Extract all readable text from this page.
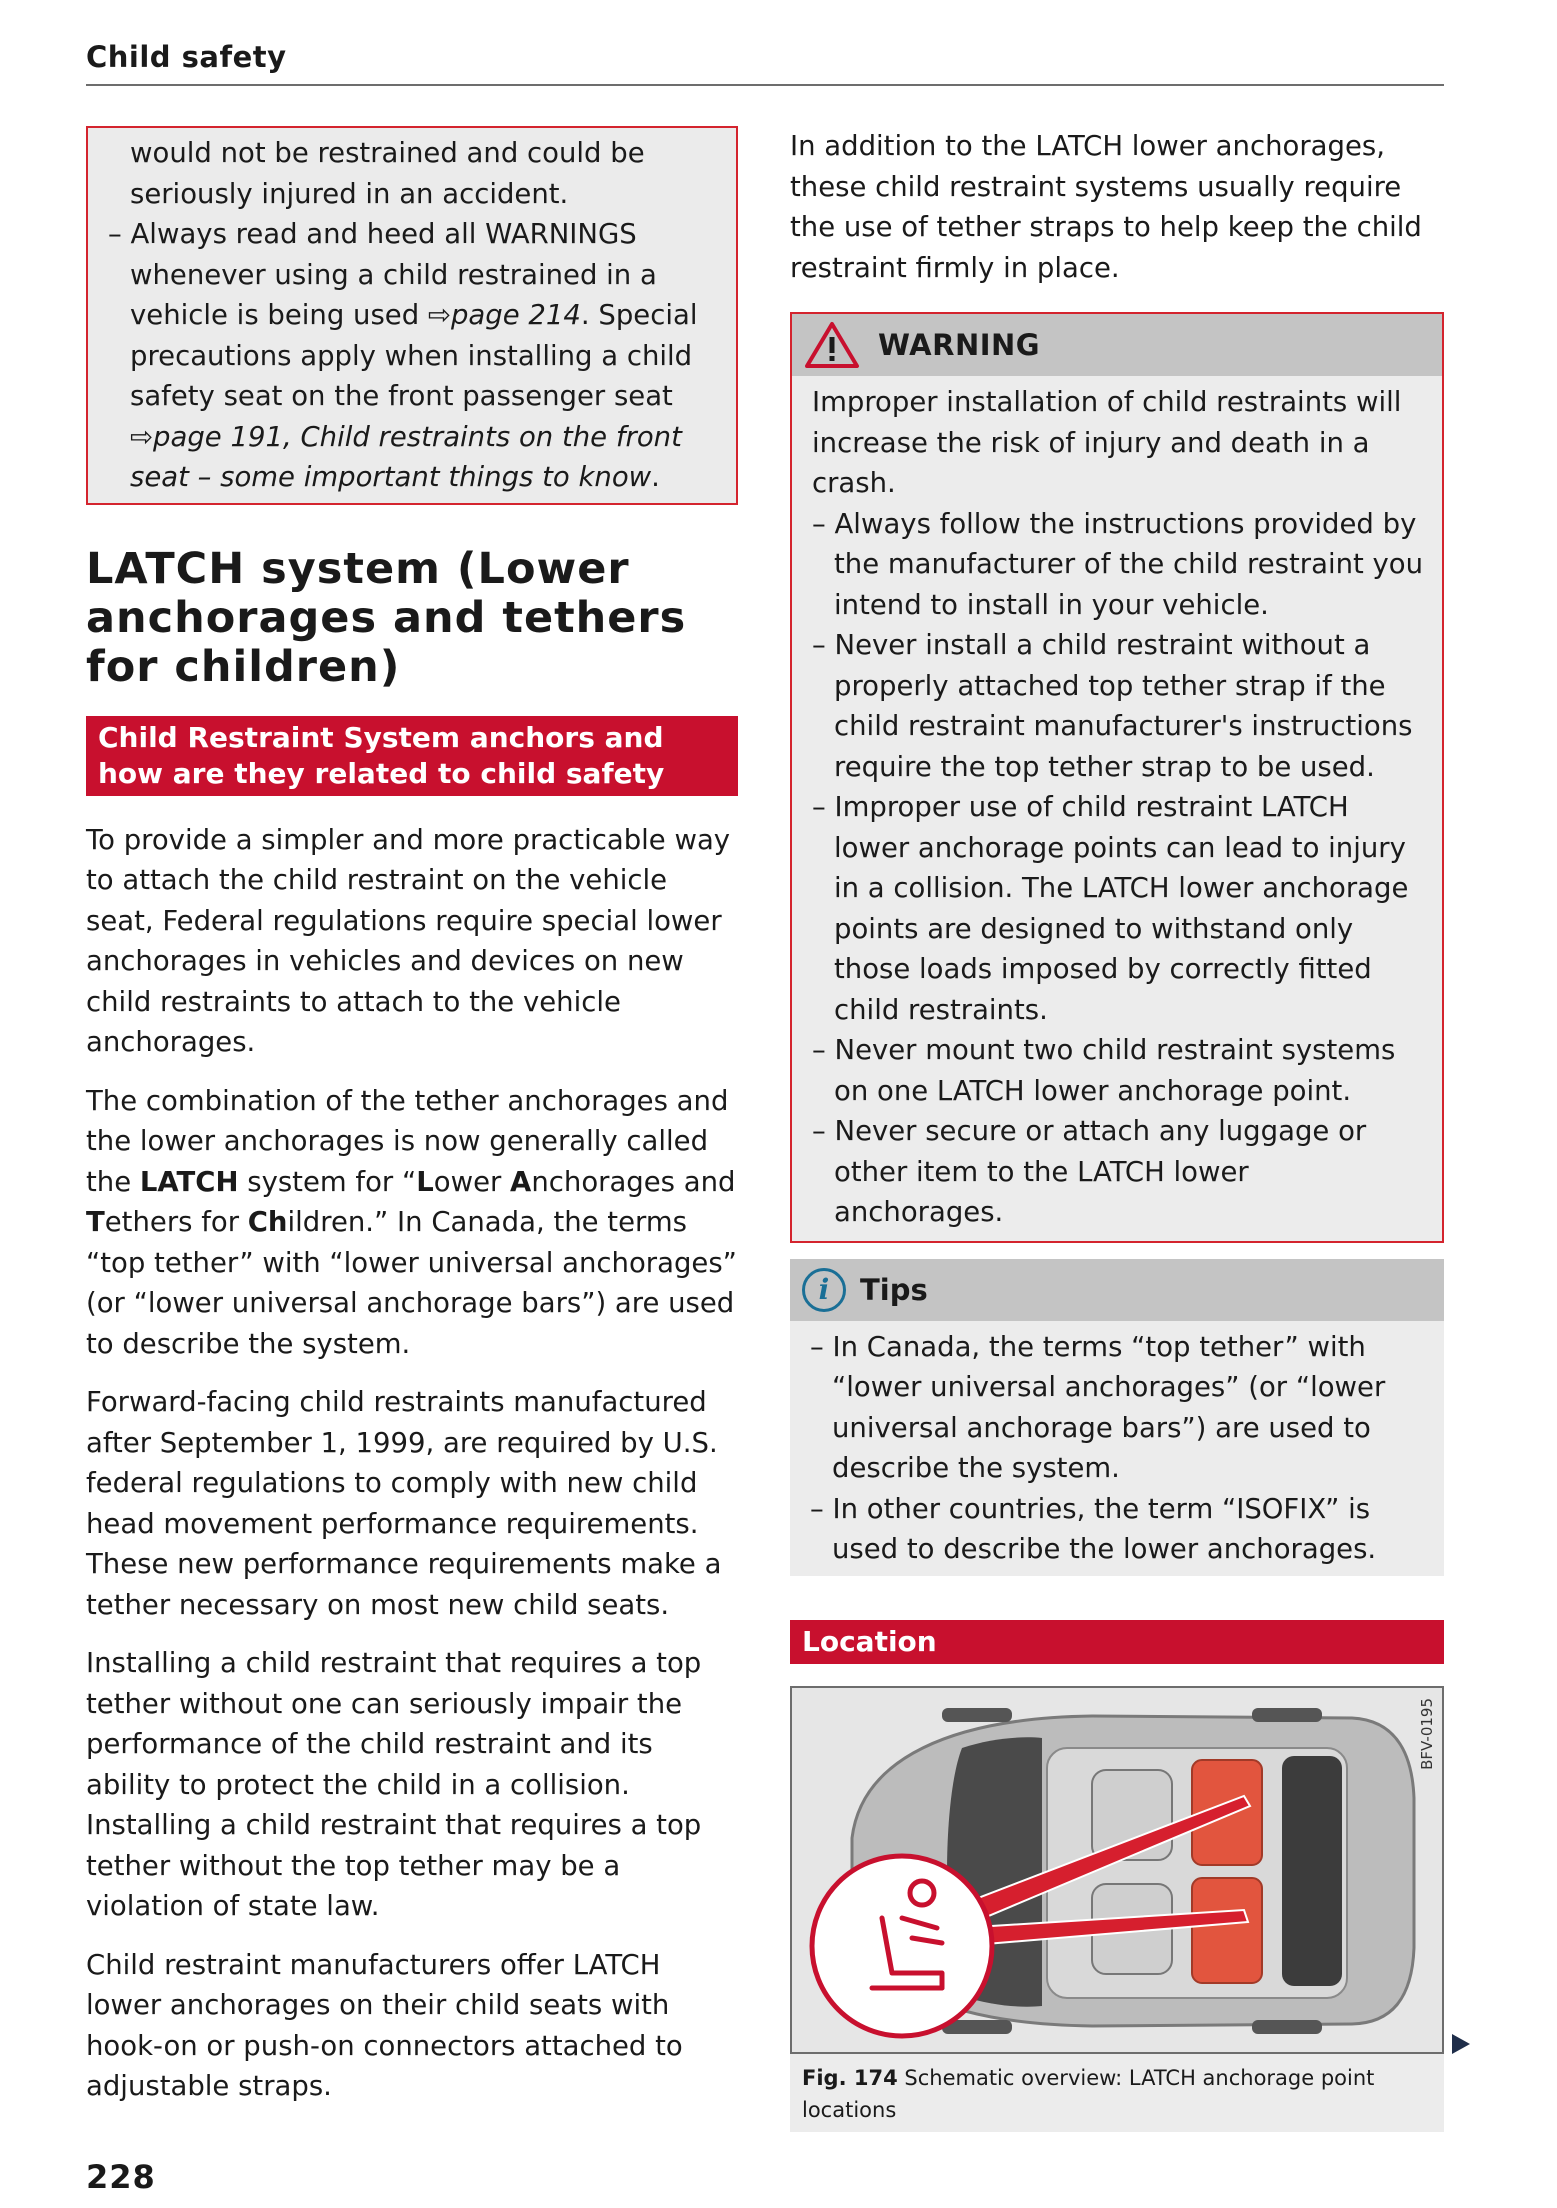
Child safety
would not be restrained and could be seriously injured in an accident.
– Always read and heed all WARNINGS whenever using a child restrained in a vehicle is being used ⇨page 214. Special precautions apply when installing a child safety seat on the front passenger seat ⇨page 191, Child restraints on the front seat – some important things to know.
LATCH system (Lower anchorages and tethers for children)
Child Restraint System anchors and how are they related to child safety

To provide a simpler and more practicable way to attach the child restraint on the vehicle seat, Federal regulations require special lower anchorages in vehicles and devices on new child restraints to attach to the vehicle anchorages.

The combination of the tether anchorages and the lower anchorages is now generally called the LATCH system for “Lower Anchorages and Tethers for Children.” In Canada, the terms “top tether” with “lower universal anchorages” (or “lower universal anchorage bars”) are used to describe the system.

Forward-facing child restraints manufactured after September 1, 1999, are required by U.S. federal regulations to comply with new child head movement performance requirements. These new performance requirements make a tether necessary on most new child seats.

Installing a child restraint that requires a top tether without one can seriously impair the performance of the child restraint and its ability to protect the child in a collision. Installing a child restraint that requires a top tether without the top tether may be a violation of state law.

Child restraint manufacturers offer LATCH lower anchorages on their child seats with hook-on or push-on connectors attached to adjustable straps.

In addition to the LATCH lower anchorages, these child restraint systems usually require the use of tether straps to help keep the child restraint firmly in place.

WARNING
Improper installation of child restraints will increase the risk of injury and death in a crash.
– Always follow the instructions provided by the manufacturer of the child restraint you intend to install in your vehicle.
– Never install a child restraint without a properly attached top tether strap if the child restraint manufacturer's instructions require the top tether strap to be used.
– Improper use of child restraint LATCH lower anchorage points can lead to injury in a collision. The LATCH lower anchorage points are designed to withstand only those loads imposed by correctly fitted child restraints.
– Never mount two child restraint systems on one LATCH lower anchorage point.
– Never secure or attach any luggage or other item to the LATCH lower anchorages.
i	Tips
– In Canada, the terms “top tether” with “lower universal anchorages” (or “lower universal anchorage bars”) are used to describe the system.
– In other countries, the term “ISOFIX” is used to describe the lower anchorages.
Location
BFV-0195
Fig. 174 Schematic overview: LATCH anchorage point locations
228
